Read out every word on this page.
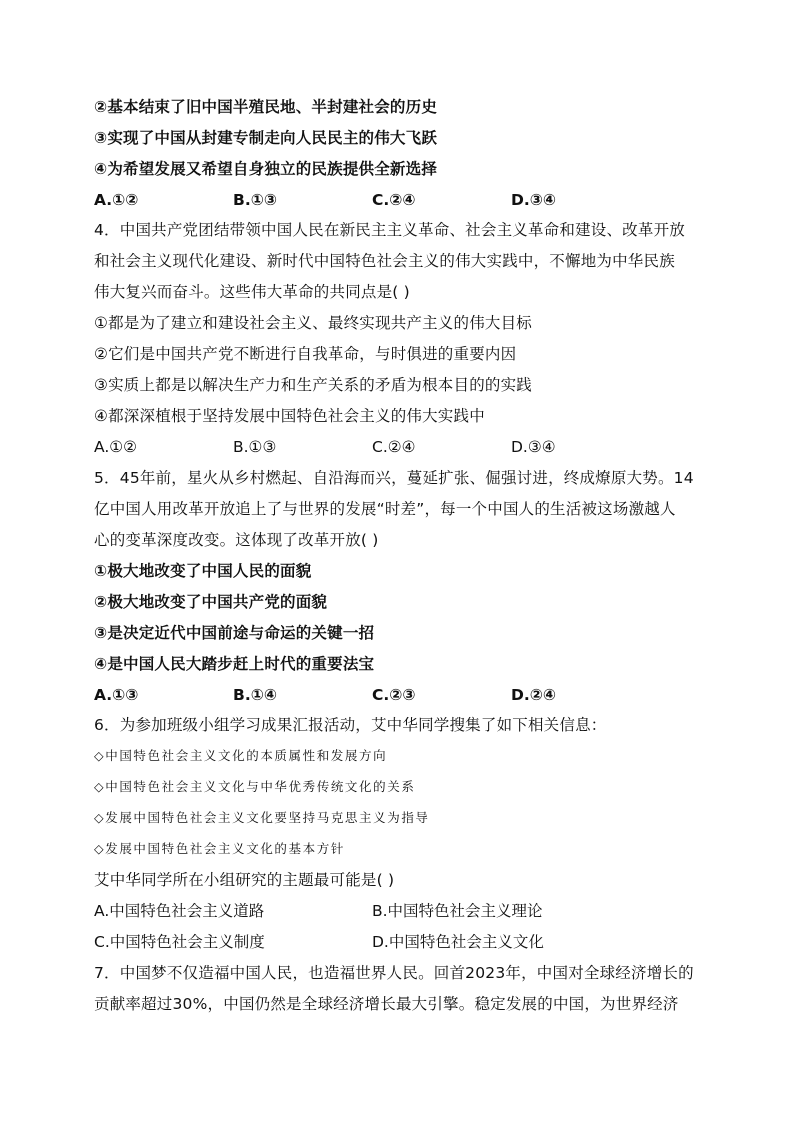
②基本结束了旧中国半殖民地、半封建社会的历史
③实现了中国从封建专制走向人民民主的伟大飞跃
④为希望发展又希望自身独立的民族提供全新选择
A.①②	B.①③	C.②④	D.③④
4．中国共产党团结带领中国人民在新民主主义革命、社会主义革命和建设、改革开放
和社会主义现代化建设、新时代中国特色社会主义的伟大实践中，不懈地为中华民族
伟大复兴而奋斗。这些伟大革命的共同点是( )
①都是为了建立和建设社会主义、最终实现共产主义的伟大目标
②它们是中国共产党不断进行自我革命，与时俱进的重要内因
③实质上都是以解决生产力和生产关系的矛盾为根本目的的实践
④都深深植根于坚持发展中国特色社会主义的伟大实践中
A.①②	B.①③	C.②④	D.③④
5．45年前，星火从乡村燃起、自沿海而兴，蔓延扩张、倔强讨进，终成燎原大势。14
亿中国人用改革开放追上了与世界的发展“时差”，每一个中国人的生活被这场激越人
心的变革深度改变。这体现了改革开放( )
①极大地改变了中国人民的面貌
②极大地改变了中国共产党的面貌
③是决定近代中国前途与命运的关键一招
④是中国人民大踏步赶上时代的重要法宝
A.①③	B.①④	C.②③	D.②④
6．为参加班级小组学习成果汇报活动，艾中华同学搜集了如下相关信息：
◇中国特色社会主义文化的本质属性和发展方向
◇中国特色社会主义文化与中华优秀传统文化的关系
◇发展中国特色社会主义文化要坚持马克思主义为指导
◇发展中国特色社会主义文化的基本方针
艾中华同学所在小组研究的主题最可能是( )
A.中国特色社会主义道路	B.中国特色社会主义理论
C.中国特色社会主义制度	D.中国特色社会主义文化
7．中国梦不仅造福中国人民，也造福世界人民。回首2023年，中国对全球经济增长的
贡献率超过30%，中国仍然是全球经济增长最大引擎。稳定发展的中国，为世界经济
